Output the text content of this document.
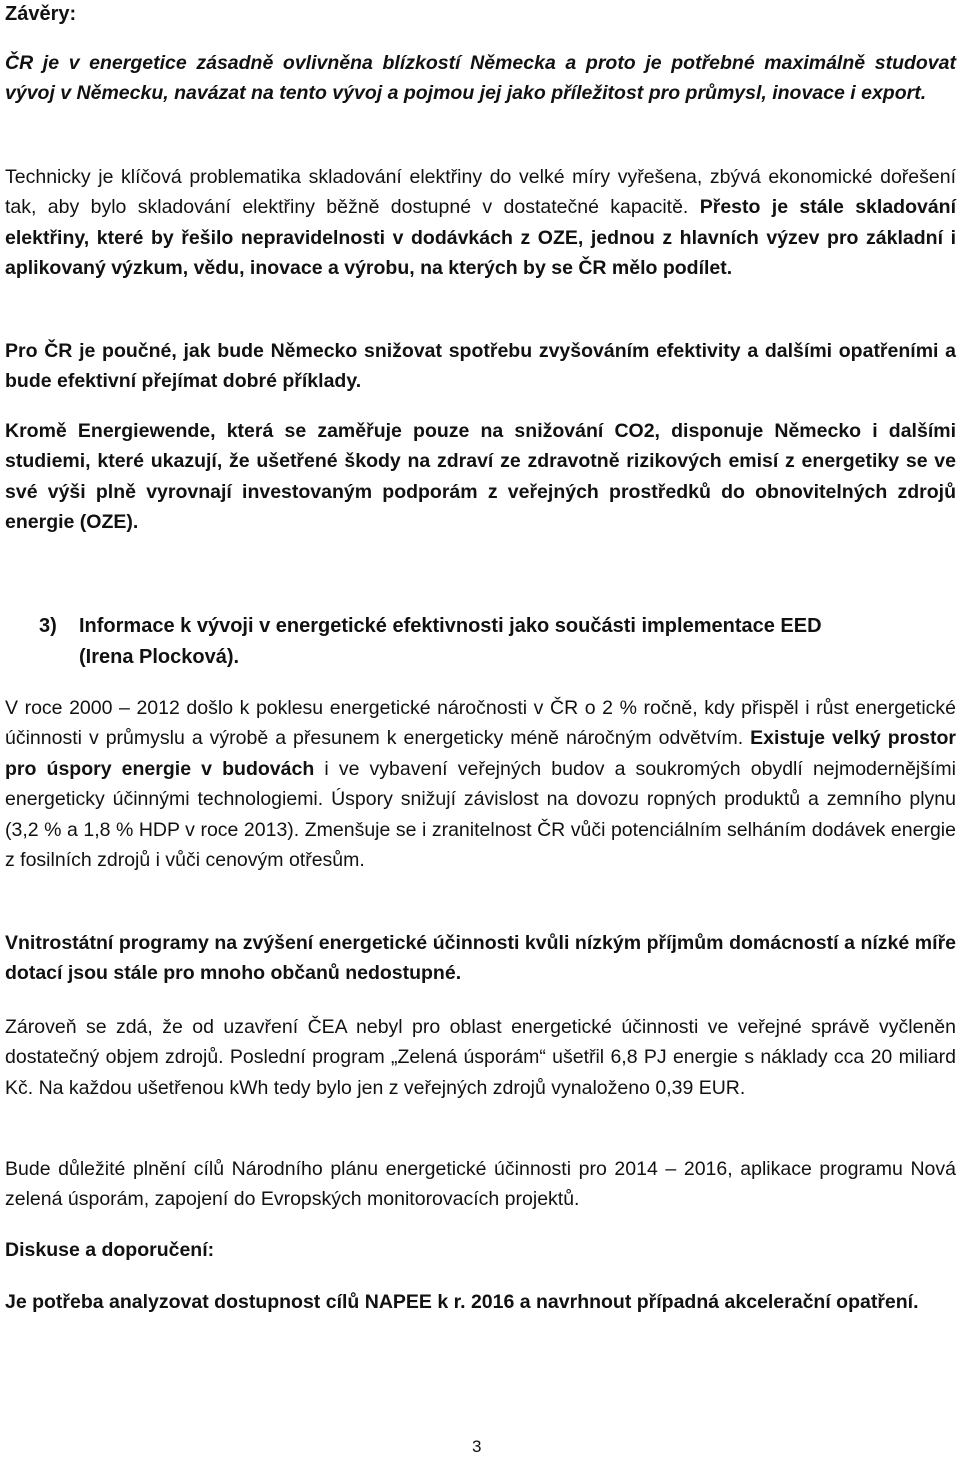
Závěry:

ČR je v energetice zásadně ovlivněna blízkostí Německa a proto je potřebné maximálně studovat vývoj v Německu, navázat na tento vývoj a pojmou jej jako příležitost pro průmysl, inovace i export.

Technicky je klíčová problematika skladování elektřiny do velké míry vyřešena, zbývá ekonomické dořešení tak, aby bylo skladování elektřiny běžně dostupné v dostatečné kapacitě. Přesto je stále skladování elektřiny, které by řešilo nepravidelnosti v dodávkách z OZE, jednou z hlavních výzev pro základní i aplikovaný výzkum, vědu, inovace a výrobu, na kterých by se ČR mělo podílet.

Pro ČR je poučné, jak bude Německo snižovat spotřebu zvyšováním efektivity a dalšími opatřeními a bude efektivní přejímat dobré příklady.

Kromě Energiewende, která se zaměřuje pouze na snižování CO2, disponuje Německo i dalšími studiemi, které ukazují, že ušetřené škody na zdraví ze zdravotně rizikových emisí z energetiky se ve své výši plně vyrovnají investovaným podporám z veřejných prostředků do obnovitelných zdrojů energie (OZE).

3) Informace k vývoji v energetické efektivnosti jako součásti implementace EED
(Irena Plocková).

V roce 2000 – 2012 došlo k poklesu energetické náročnosti v ČR o 2 % ročně, kdy přispěl i růst energetické účinnosti v průmyslu a výrobě a přesunem k energeticky méně náročným odvětvím. Existuje velký prostor pro úspory energie v budovách i ve vybavení veřejných budov a soukromých obydlí nejmodernějšími energeticky účinnými technologiemi. Úspory snižují závislost na dovozu ropných produktů a zemního plynu (3,2 % a 1,8 % HDP v roce 2013). Zmenšuje se i zranitelnost ČR vůči potenciálním selháním dodávek energie z fosilních zdrojů i vůči cenovým otřesům.

Vnitrostátní programy na zvýšení energetické účinnosti kvůli nízkým příjmům domácností a nízké míře dotací jsou stále pro mnoho občanů nedostupné.

Zároveň se zdá, že od uzavření ČEA nebyl pro oblast energetické účinnosti ve veřejné správě vyčleněn dostatečný objem zdrojů. Poslední program „Zelená úsporám“ ušetřil 6,8 PJ energie s náklady cca 20 miliard Kč. Na každou ušetřenou kWh tedy bylo jen z veřejných zdrojů vynaloženo 0,39 EUR.

Bude důležité plnění cílů Národního plánu energetické účinnosti pro 2014 – 2016, aplikace programu Nová zelená úsporám, zapojení do Evropských monitorovacích projektů.

Diskuse a doporučení:

Je potřeba analyzovat dostupnost cílů NAPEE k r. 2016 a navrhnout případná akcelerační opatření.

3
